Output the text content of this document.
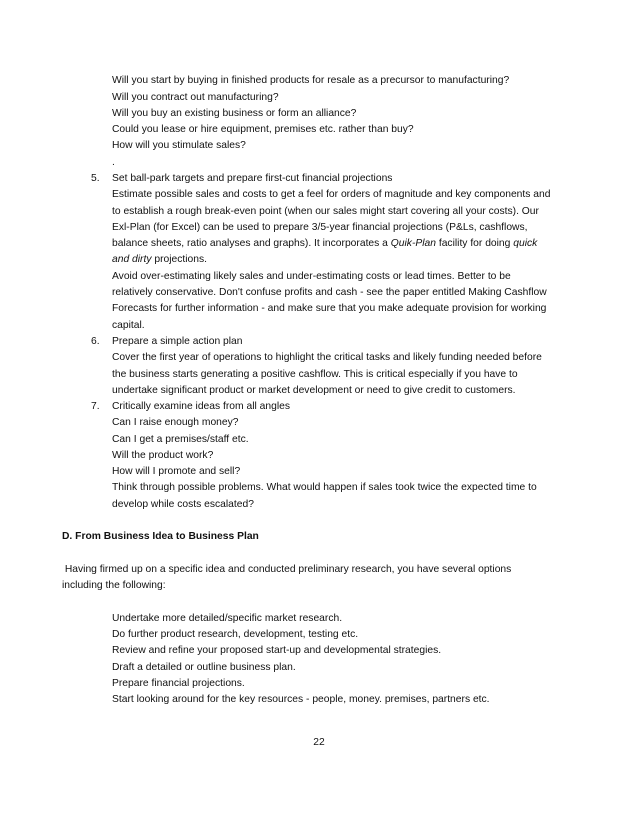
Will you start by buying in finished products for resale as a precursor to manufacturing?
Will you contract out manufacturing?
Will you buy an existing business or form an alliance?
Could you lease or hire equipment, premises etc. rather than buy?
How will you stimulate sales?
.
5. Set ball-park targets and prepare first-cut financial projections
Estimate possible sales and costs to get a feel for orders of magnitude and key components and
to establish a rough break-even point (when our sales might start covering all your costs). Our
Exl-Plan (for Excel) can be used to prepare 3/5-year financial projections (P&Ls, cashflows,
balance sheets, ratio analyses and graphs). It incorporates a Quik-Plan facility for doing quick
and dirty projections.
Avoid over-estimating likely sales and under-estimating costs or lead times. Better to be
relatively conservative. Don't confuse profits and cash - see the paper entitled Making Cashflow
Forecasts for further information - and make sure that you make adequate provision for working
capital.
6. Prepare a simple action plan
Cover the first year of operations to highlight the critical tasks and likely funding needed before
the business starts generating a positive cashflow. This is critical especially if you have to
undertake significant product or market development or need to give credit to customers.
7. Critically examine ideas from all angles
Can I raise enough money?
Can I get a premises/staff etc.
Will the product work?
How will I promote and sell?
Think through possible problems. What would happen if sales took twice the expected time to
develop while costs escalated?
D. From Business Idea to Business Plan
Having firmed up on a specific idea and conducted preliminary research, you have several options
including the following:
Undertake more detailed/specific market research.
Do further product research, development, testing etc.
Review and refine your proposed start-up and developmental strategies.
Draft a detailed or outline business plan.
Prepare financial projections.
Start looking around for the key resources - people, money. premises, partners etc.
22
